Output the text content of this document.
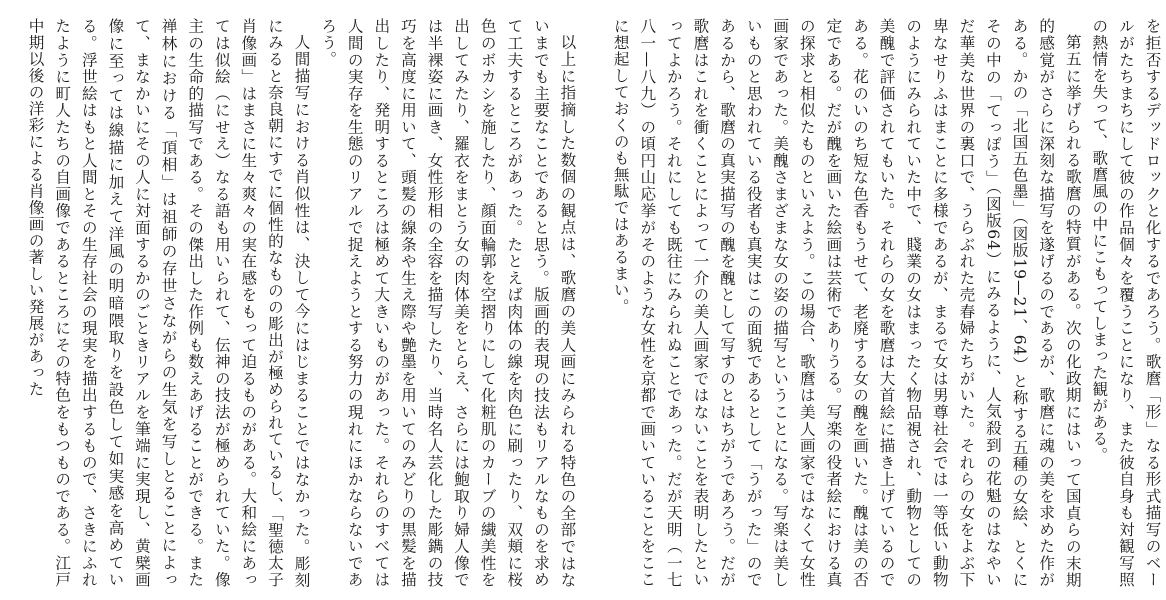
を拒否するデッドロックと化するであろう。歌麿「形」なる形式描写のベールがたちまちにして彼の作品個々を覆うことになり、また彼自身も対観写照の熱情を失って、歌麿風の中にこもってしまった観がある。

第五に挙げられる歌麿の特質がある。次の化政期にはいって国貞らの末期的感覚がさらに深刻な描写を遂げるのであるが、歌麿に魂の美を求めた作がある。かの「北国五色墨」（図版19—21、64）と称する五種の女絵、とくにその中の「てっぽう」（図版64）にみるように、人気殺到の花魁のはなやいだ華美な世界の裏口で、うらぶれた売春婦たちがいた。それらの女をよぶ下卑なせりふはまことに多様であるが、まるで女は男尊社会では一等低い動物のようにみられていた中で、賤業の女はまったく物品視され、動物としての美醜で評価されてもいた。それらの女を歌麿は大首絵に描き上げているのである。花のいのち短な色香もうせて、老廃する女の醜を画いた。醜は美の否定である。だが醜を画いた絵画は芸術でありうる。写楽の役者絵における真の探求と相似たものといえよう。この場合、歌麿は美人画家ではなくて女性画家であった。美醜さまざまな女の姿の描写ということになる。写楽は美しいものと思われている役者も真実はこの面貌であるとして「うがった」のであるから、歌麿の真実描写の醜を醜として写すのとはちがうであろう。だが歌麿はこれを衝くことによって一介の美人画家ではないことを表明したといってよかろう。それにしても既往にみられぬことであった。だが天明（一七八一—八九）の頃円山応挙がそのような女性を京都で画いていることをここに想起しておくのも無駄ではあるまい。

以上に指摘した数個の観点は、歌麿の美人画にみられる特色の全部ではないまでも主要なことであると思う。版画的表現の技法もリアルなものを求めて工夫するところがあった。たとえば肉体の線を肉色に刷ったり、双頬に桜色のボカシを施したり、顔面輪郭を空摺りにして化粧肌のカーブの繊美性を出してみたり、羅衣をまとう女の肉体美をとらえ、さらには鮑取り婦人像では半裸姿に画き、女性形相の全容を描写したり、当時名人芸化した彫鐫の技巧を高度に用いて、頭髪の線条や生え際や艶墨を用いてのみどりの黒髪を描出したり、発明するところは極めて大きいものがあった。それらのすべては人間の実存を生態のリアルで捉えようとする努力の現れにほかならないであろう。

人間描写における肖似性は、決して今にはじまることではなかった。彫刻にみると奈良朝にすでに個性的なものの彫出が極められているし、「聖徳太子肖像画」はまさに生々爽々の実在感をもって迫るものがある。大和絵にあっては似絵（にせえ）なる語も用いられて、伝神の技法が極められていた。像主の生命的描写である。その傑出した作例も数えあげることができる。また禅林における「頂相」は祖師の存世さながらの生気を写しとることによって、まなかいにその人に対面するかのごときリアルを筆端に実現し、黄檗画像に至っては線描に加えて洋風の明暗隈取りを設色して如実感を高めている。浮世絵はもと人間とその生存社会の現実を描出するもので、さきにふれたように町人たちの自画像であるところにその特色をもつものである。江戸中期以後の洋彩による肖像画の著しい発展があった
